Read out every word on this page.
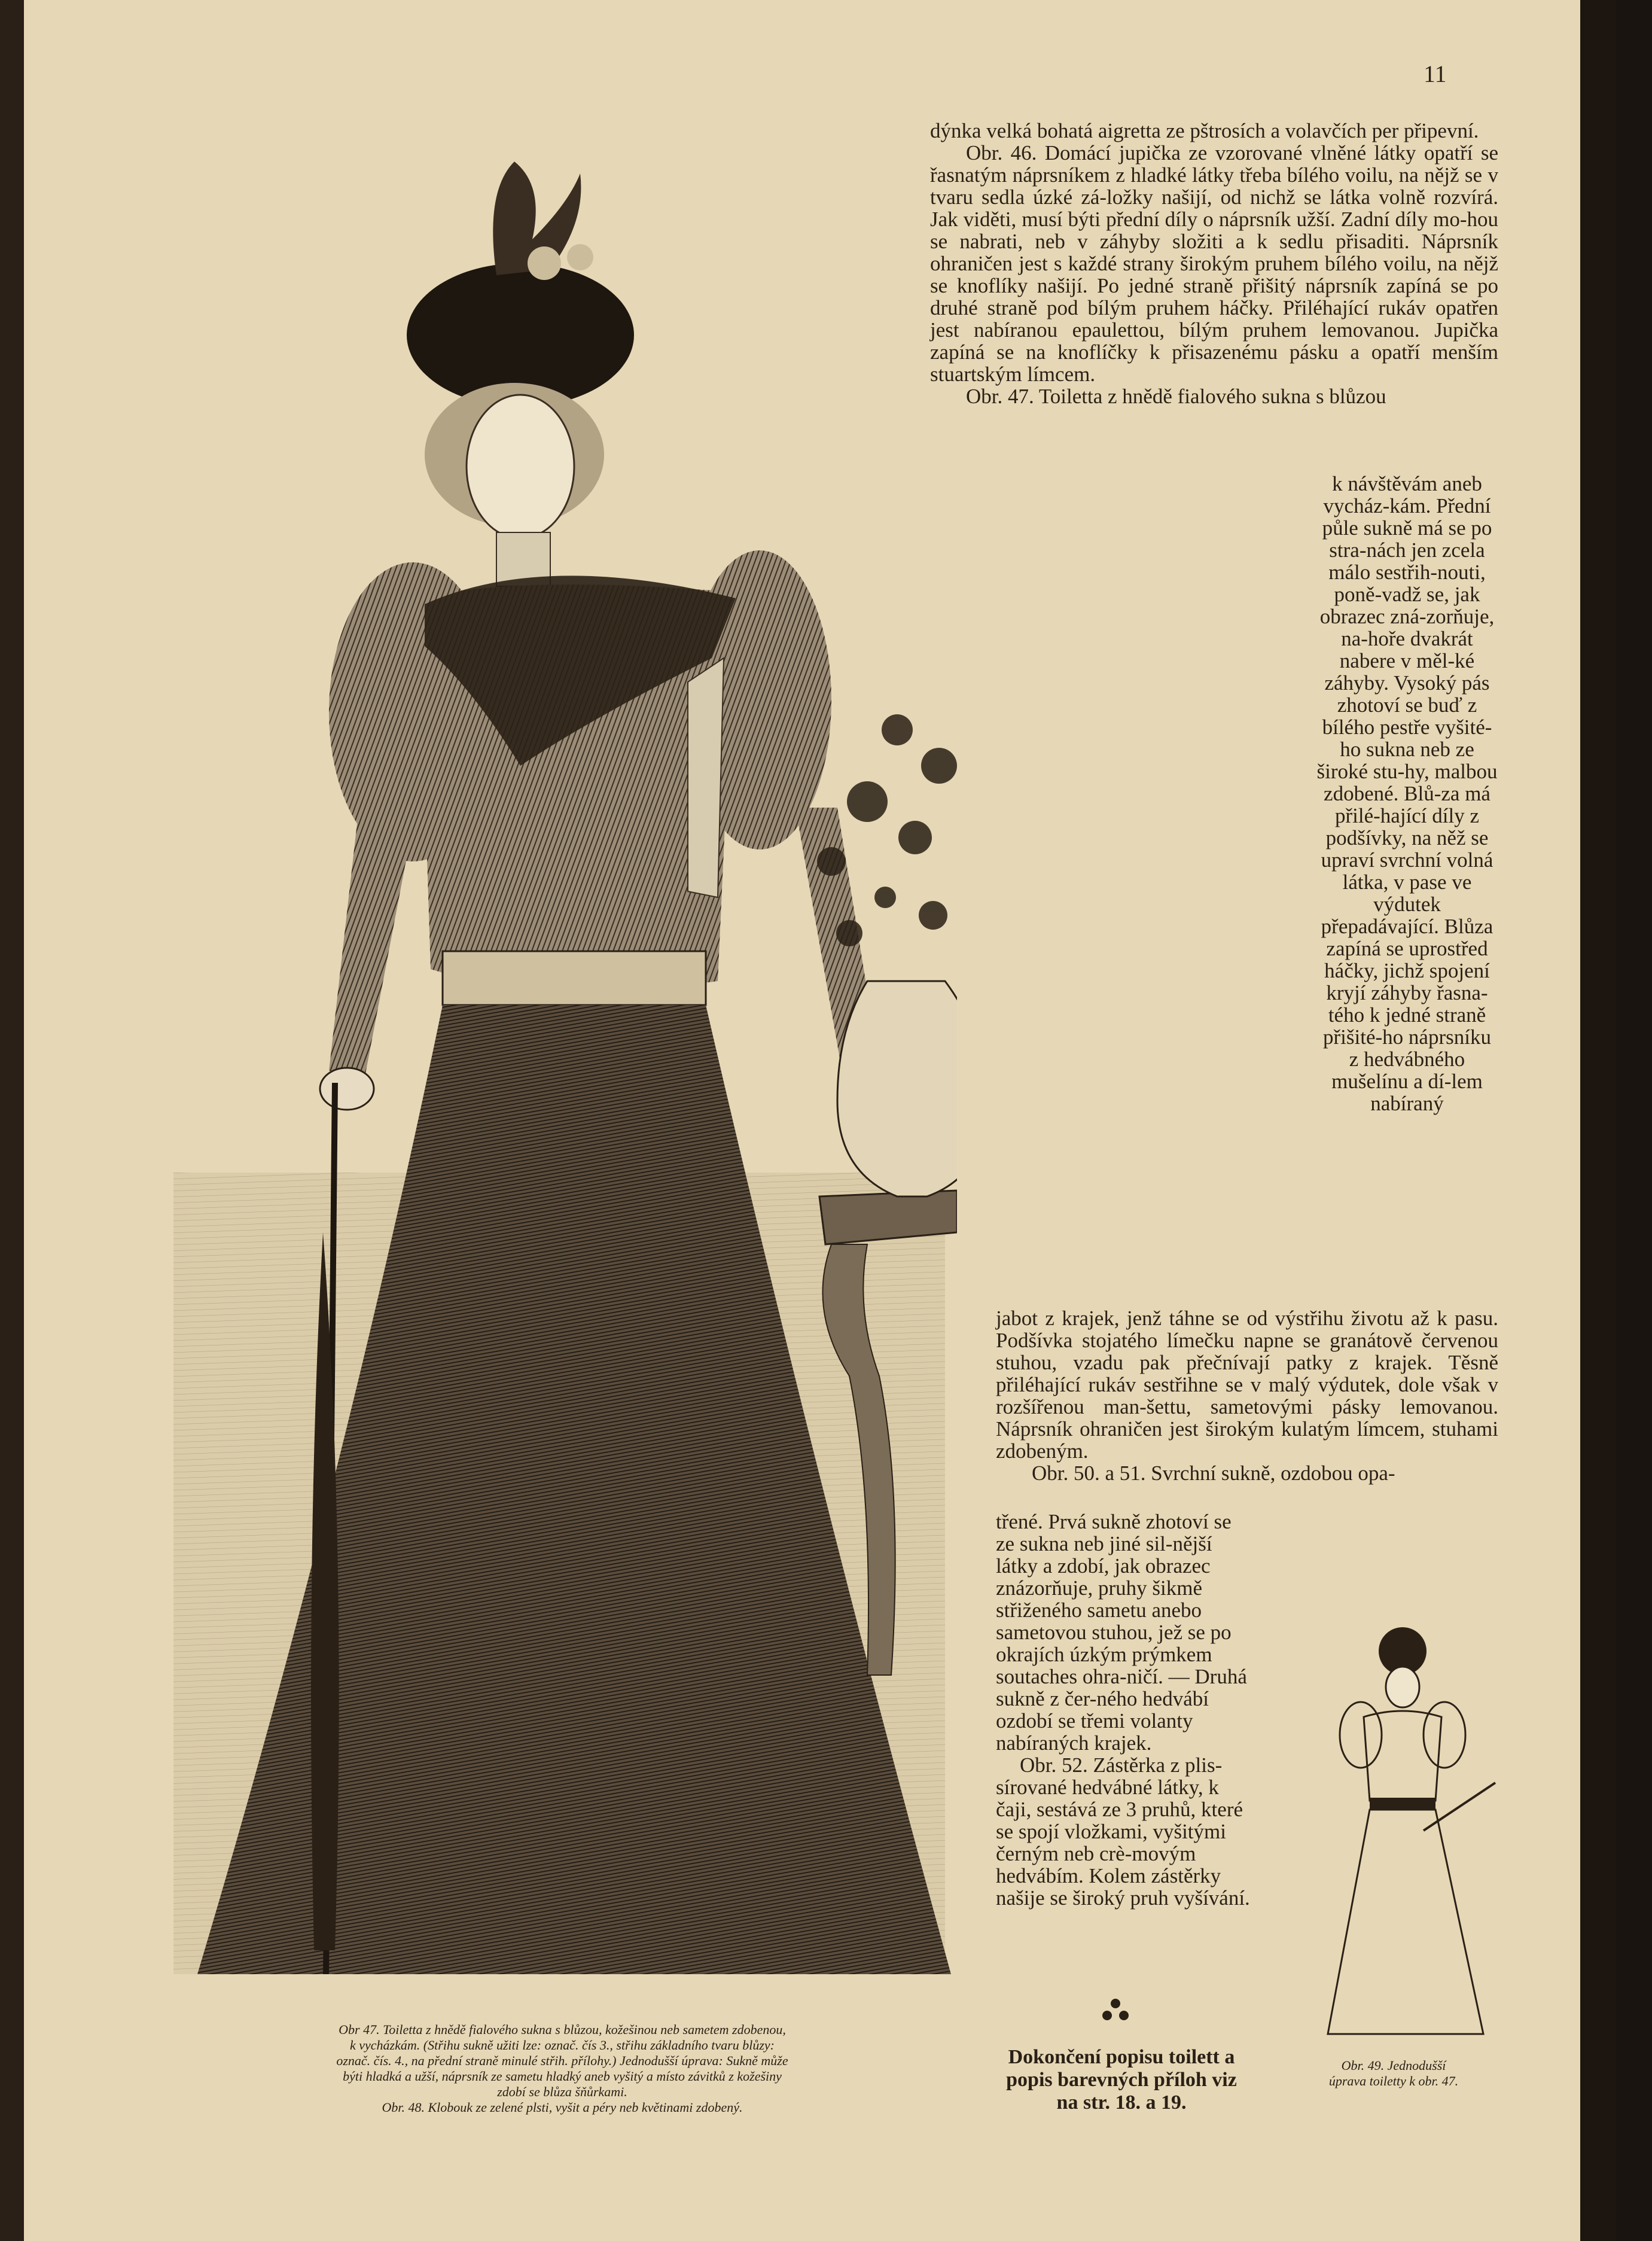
11

dýnka velká bohatá aigretta ze pštrosích a volavčích per připevní.

Obr. 46. Domácí jupička ze vzorované vlněné látky opatří se řasnatým náprsníkem z hladké látky třeba bílého voilu, na nějž se v tvaru sedla úzké zá-ložky našijí, od nichž se látka volně rozvírá. Jak viděti, musí býti přední díly o náprsník užší. Zadní díly mo-hou se nabrati, neb v záhyby složiti a k sedlu přisaditi. Náprsník ohraničen jest s každé strany širokým pruhem bílého voilu, na nějž se knoflíky našijí. Po jedné straně přišitý náprsník zapíná se po druhé straně pod bílým pruhem háčky. Přiléhající rukáv opatřen jest nabíranou epaulettou, bílým pruhem lemovanou. Jupička zapíná se na knoflíčky k přisazenému pásku a opatří menším stuartským límcem.

Obr. 47. Toiletta z hnědě fialového sukna s blůzou

k návštěvám aneb vycház-kám. Přední půle sukně má se po stra-nách jen zcela málo sestřih-nouti, poně-vadž se, jak obrazec zná-zorňuje, na-hoře dvakrát nabere v měl-ké záhyby. Vysoký pás zhotoví se buď z bílého pestře vyšité-ho sukna neb ze široké stu-hy, malbou zdobené. Blů-za má přilé-hající díly z podšívky, na něž se upraví svrchní volná látka, v pase ve výdutek přepadávající. Blůza zapíná se uprostřed háčky, jichž spojení kryjí záhyby řasna-tého k jedné straně přišité-ho náprsníku z hedvábného mušelínu a dí-lem nabíraný
jabot z krajek, jenž táhne se od výstřihu životu až k pasu. Podšívka stojatého límečku napne se granátově červenou stuhou, vzadu pak přečnívají patky z krajek. Těsně přiléhající rukáv sestřihne se v malý výdutek, dole však v rozšířenou man-šettu, sametovými pásky lemovanou. Náprsník ohraničen jest širokým kulatým límcem, stuhami zdobeným.
Obr. 50. a 51. Svrchní sukně, ozdobou opa-
třené. Prvá sukně zhotoví se ze sukna neb jiné sil-nější látky a zdobí, jak obrazec znázorňuje, pruhy šikmě střiženého sametu anebo sametovou stuhou, jež se po okrajích úzkým prýmkem soutaches ohra-ničí. — Druhá sukně z čer-ného hedvábí ozdobí se třemi volanty nabíraných krajek.
Obr. 52. Zástěrka z plis-sírované hedvábné látky, k čaji, sestává ze 3 pruhů, které se spojí vložkami, vyšitými černým neb crè-movým hedvábím. Kolem zástěrky našije se široký pruh vyšívání.
Dokončení popisu toilett a popis barevných příloh viz na str. 18. a 19.
Obr 47. Toiletta z hnědě fialového sukna s blůzou, kožešinou neb sametem zdobenou,
k vycházkám. (Střihu sukně užiti lze: označ. čís 3., střihu základního tvaru blůzy:
označ. čís. 4., na přední straně minulé střih. přílohy.) Jednodušší úprava: Sukně může
býti hladká a užší, náprsník ze sametu hladký aneb vyšitý a místo závitků z kožešiny
zdobí se blůza šňůrkami.
Obr. 48. Klobouk ze zelené plsti, vyšit a péry neb květinami zdobený.
Obr. 49. Jednodušší
úprava toiletty k obr. 47.
